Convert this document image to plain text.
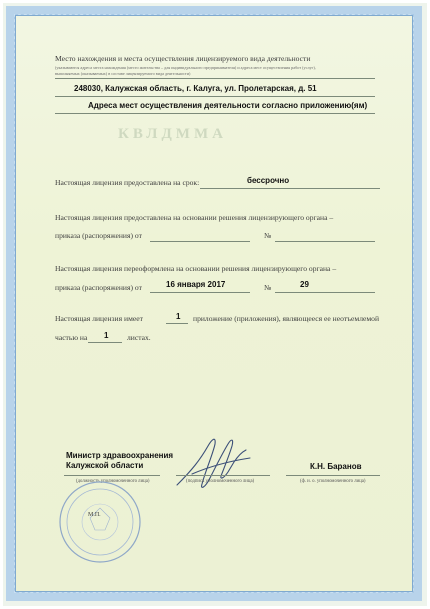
Место нахождения и места осуществления лицензируемого вида деятельности
(указываются адреса места нахождения (место жительства – для индивидуального предпринимателя) и адреса мест осуществления работ (услуг),
выполняемых (оказываемых) в составе лицензируемого вида деятельности)
248030, Калужская область, г. Калуга, ул. Пролетарская, д. 51
Адреса мест осуществления деятельности согласно приложению(ям)
КВЛДММА
Настоящая лицензия предоставлена на срок:	бессрочно
Настоящая лицензия предоставлена на основании решения лицензирующего органа –
приказа (распоряжения) от	№
Настоящая лицензия переоформлена на основании решения лицензирующего органа –
приказа (распоряжения) от	16 января 2017	№	29
Настоящая лицензия имеет	1 приложение (приложения), являющееся ее неотъемлемой
частью на 1 листах.
Министр здравоохранения
Калужской области
(должность уполномоченного лица)	(подпись уполномоченного лица)
К.Н. Баранов
(ф. и. о. уполномоченного лица)
М.П.
